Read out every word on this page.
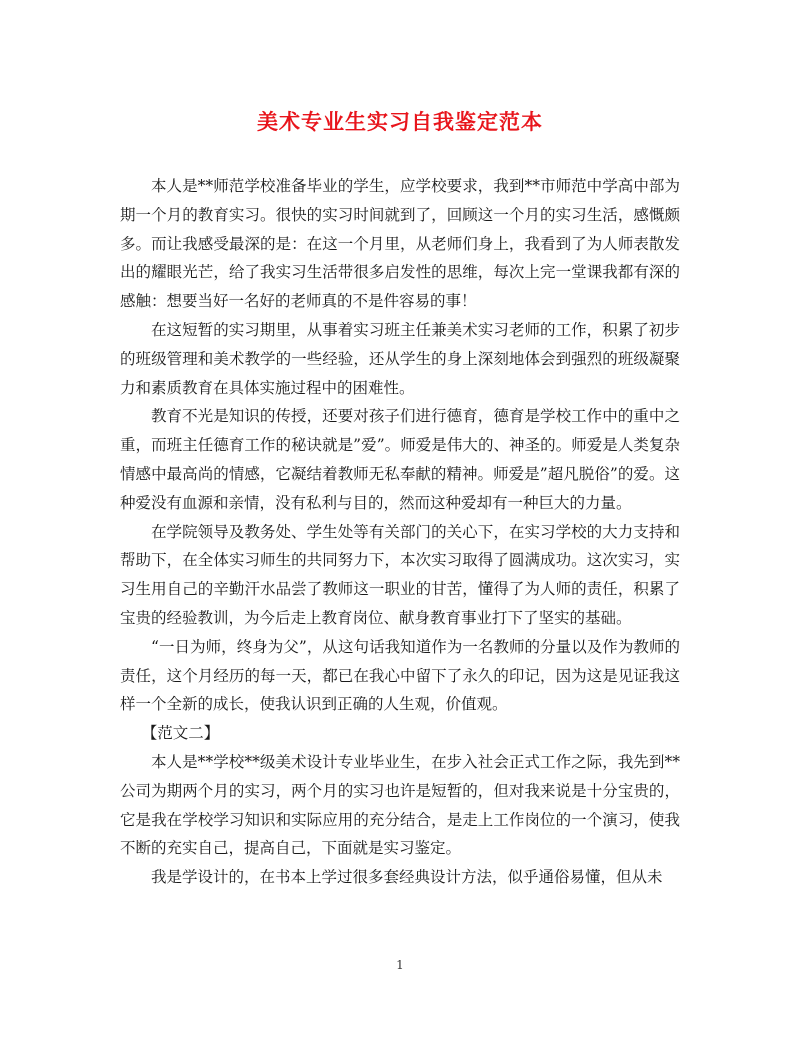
美术专业生实习自我鉴定范本

本人是**师范学校准备毕业的学生，应学校要求，我到**市师范中学高中部为期一个月的教育实习。很快的实习时间就到了，回顾这一个月的实习生活，感慨颇多。而让我感受最深的是：在这一个月里，从老师们身上，我看到了为人师表散发出的耀眼光芒，给了我实习生活带很多启发性的思维，每次上完一堂课我都有深的感触：想要当好一名好的老师真的不是件容易的事！

在这短暂的实习期里，从事着实习班主任兼美术实习老师的工作，积累了初步的班级管理和美术教学的一些经验，还从学生的身上深刻地体会到强烈的班级凝聚力和素质教育在具体实施过程中的困难性。

教育不光是知识的传授，还要对孩子们进行德育，德育是学校工作中的重中之重，而班主任德育工作的秘诀就是”爱”。师爱是伟大的、神圣的。师爱是人类复杂情感中最高尚的情感，它凝结着教师无私奉献的精神。师爱是”超凡脱俗”的爱。这种爱没有血源和亲情，没有私利与目的，然而这种爱却有一种巨大的力量。

在学院领导及教务处、学生处等有关部门的关心下，在实习学校的大力支持和帮助下，在全体实习师生的共同努力下，本次实习取得了圆满成功。这次实习，实习生用自己的辛勤汗水品尝了教师这一职业的甘苦，懂得了为人师的责任，积累了宝贵的经验教训，为今后走上教育岗位、献身教育事业打下了坚实的基础。

“一日为师，终身为父”，从这句话我知道作为一名教师的分量以及作为教师的责任，这个月经历的每一天，都已在我心中留下了永久的印记，因为这是见证我这样一个全新的成长，使我认识到正确的人生观，价值观。

【范文二】

本人是**学校**级美术设计专业毕业生，在步入社会正式工作之际，我先到**公司为期两个月的实习，两个月的实习也许是短暂的，但对我来说是十分宝贵的，它是我在学校学习知识和实际应用的充分结合，是走上工作岗位的一个演习，使我不断的充实自己，提高自己，下面就是实习鉴定。

我是学设计的，在书本上学过很多套经典设计方法，似乎通俗易懂，但从未

1
